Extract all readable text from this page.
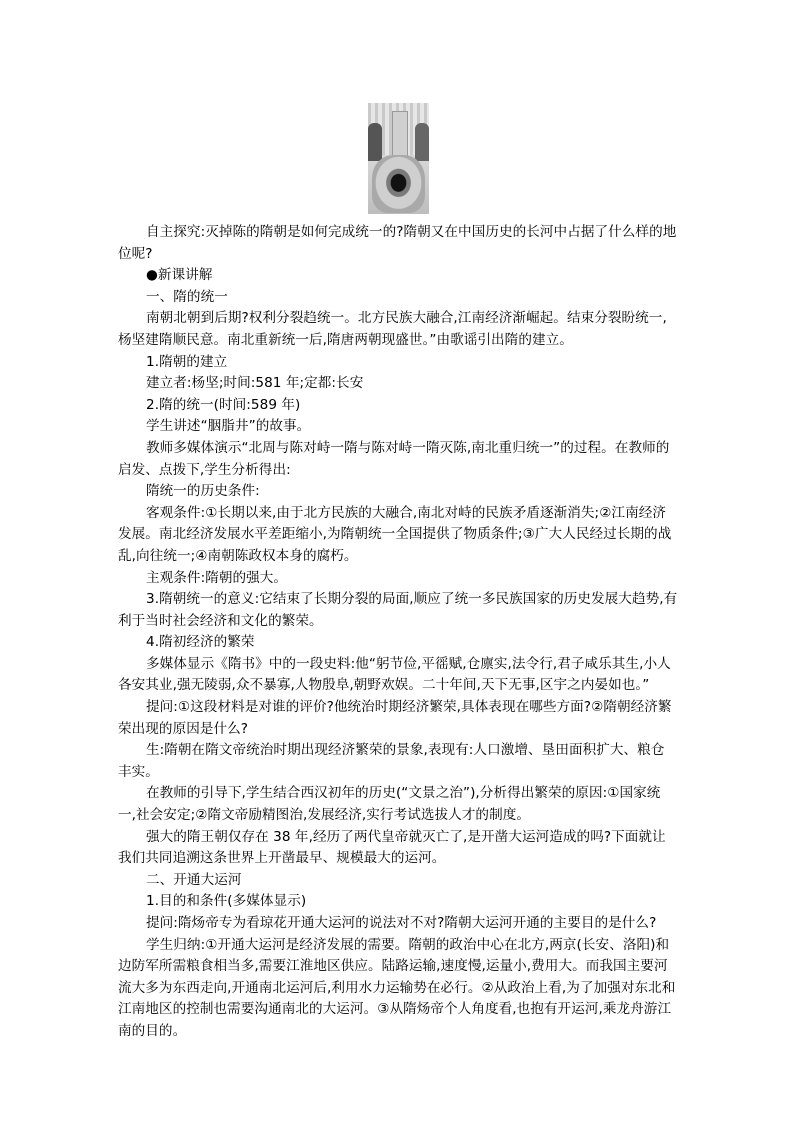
自主探究:灭掉陈的隋朝是如何完成统一的?隋朝又在中国历史的长河中占据了什么样的地位呢?

●新课讲解

一、隋的统一

南朝北朝到后期?权利分裂趋统一。北方民族大融合,江南经济渐崛起。结束分裂盼统一,杨坚建隋顺民意。南北重新统一后,隋唐两朝现盛世。”由歌谣引出隋的建立。

1.隋朝的建立

建立者:杨坚;时间:581 年;定都:长安

2.隋的统一(时间:589 年)

学生讲述“胭脂井”的故事。

教师多媒体演示“北周与陈对峙一隋与陈对峙一隋灭陈,南北重归统一”的过程。在教师的启发、点拨下,学生分析得出:

隋统一的历史条件:

客观条件:①长期以来,由于北方民族的大融合,南北对峙的民族矛盾逐渐消失;②江南经济发展。南北经济发展水平差距缩小,为隋朝统一全国提供了物质条件;③广大人民经过长期的战乱,向往统一;④南朝陈政权本身的腐朽。

主观条件:隋朝的强大。

3.隋朝统一的意义:它结束了长期分裂的局面,顺应了统一多民族国家的历史发展大趋势,有利于当时社会经济和文化的繁荣。

4.隋初经济的繁荣

多媒体显示《隋书》中的一段史料:他“躬节俭,平徭赋,仓廪实,法令行,君子咸乐其生,小人各安其业,强无陵弱,众不暴寡,人物殷阜,朝野欢娱。二十年间,天下无事,区宇之内晏如也。”

提问:①这段材料是对谁的评价?他统治时期经济繁荣,具体表现在哪些方面?②隋朝经济繁荣出现的原因是什么?

生:隋朝在隋文帝统治时期出现经济繁荣的景象,表现有:人口激增、垦田面积扩大、粮仓丰实。

在教师的引导下,学生结合西汉初年的历史(“文景之治”),分析得出繁荣的原因:①国家统一,社会安定;②隋文帝励精图治,发展经济,实行考试选拔人才的制度。

强大的隋王朝仅存在 38 年,经历了两代皇帝就灭亡了,是开凿大运河造成的吗?下面就让我们共同追溯这条世界上开凿最早、规模最大的运河。

二、开通大运河

1.目的和条件(多媒体显示)

提问:隋炀帝专为看琼花开通大运河的说法对不对?隋朝大运河开通的主要目的是什么?

学生归纳:①开通大运河是经济发展的需要。隋朝的政治中心在北方,两京(长安、洛阳)和边防军所需粮食相当多,需要江淮地区供应。陆路运输,速度慢,运量小,费用大。而我国主要河流大多为东西走向,开通南北运河后,利用水力运输势在必行。②从政治上看,为了加强对东北和江南地区的控制也需要沟通南北的大运河。③从隋炀帝个人角度看,也抱有开运河,乘龙舟游江南的目的。
